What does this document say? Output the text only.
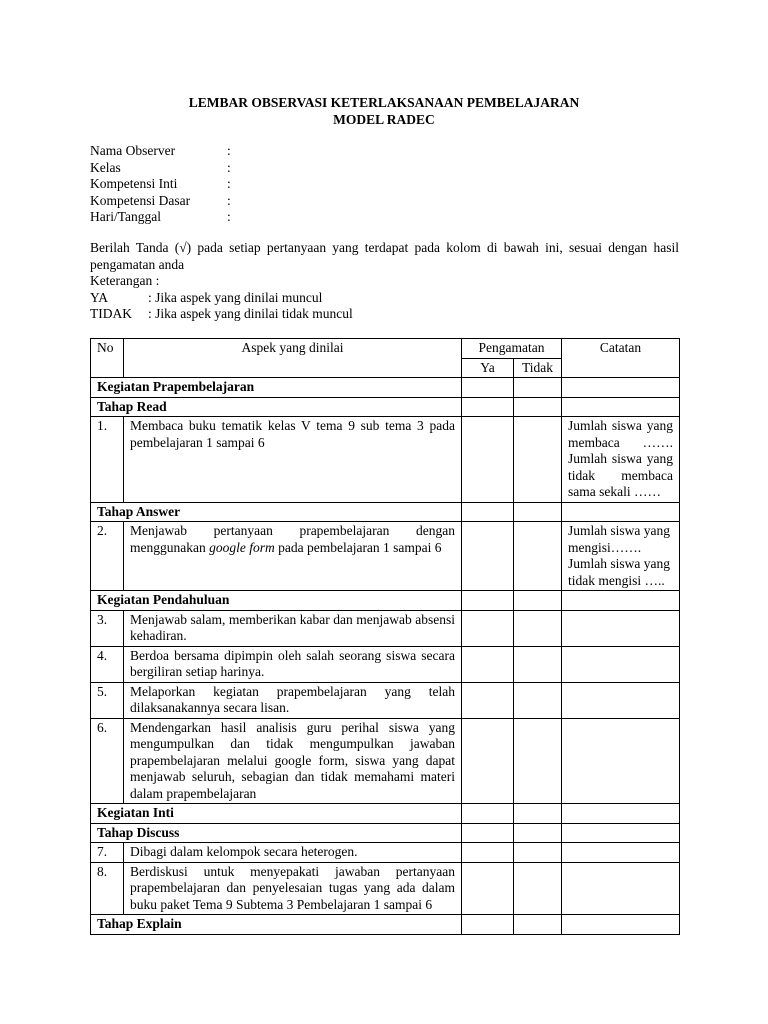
LEMBAR OBSERVASI KETERLAKSANAAN PEMBELAJARAN
MODEL RADEC
Nama Observer	:
Kelas	:
Kompetensi Inti	:
Kompetensi Dasar	:
Hari/Tanggal	:
Berilah Tanda (√) pada setiap pertanyaan yang terdapat pada kolom di bawah ini, sesuai dengan hasil
pengamatan anda
Keterangan :
YA	: Jika aspek yang dinilai muncul
TIDAK : Jika aspek yang dinilai tidak muncul
No	Aspek yang dinilai	Pengamatan		Catatan
		Ya	Tidak	
Kegiatan Prapembelajaran				
Tahap Read				
1.	Membaca buku tematik kelas V tema 9 sub tema 3 pada pembelajaran 1 sampai 6			Jumlah siswa yang membaca ……. Jumlah siswa yang tidak membaca sama sekali ……
Tahap Answer				
2.	Menjawab pertanyaan prapembelajaran dengan menggunakan google form pada pembelajaran 1 sampai 6			Jumlah siswa yang mengisi……. Jumlah siswa yang tidak mengisi …..
Kegiatan Pendahuluan				
3.	Menjawab salam, memberikan kabar dan menjawab absensi kehadiran.			
4.	Berdoa bersama dipimpin oleh salah seorang siswa secara bergiliran setiap harinya.			
5.	Melaporkan kegiatan prapembelajaran yang telah dilaksanakannya secara lisan.			
6.	Mendengarkan hasil analisis guru perihal siswa yang mengumpulkan dan tidak mengumpulkan jawaban prapembelajaran melalui google form, siswa yang dapat menjawab seluruh, sebagian dan tidak memahami materi dalam prapembelajaran			
Kegiatan Inti				
Tahap Discuss				
7.	Dibagi dalam kelompok secara heterogen.			
8.	Berdiskusi untuk menyepakati jawaban pertanyaan prapembelajaran dan penyelesaian tugas yang ada dalam buku paket Tema 9 Subtema 3 Pembelajaran 1 sampai 6			
Tahap Explain				
